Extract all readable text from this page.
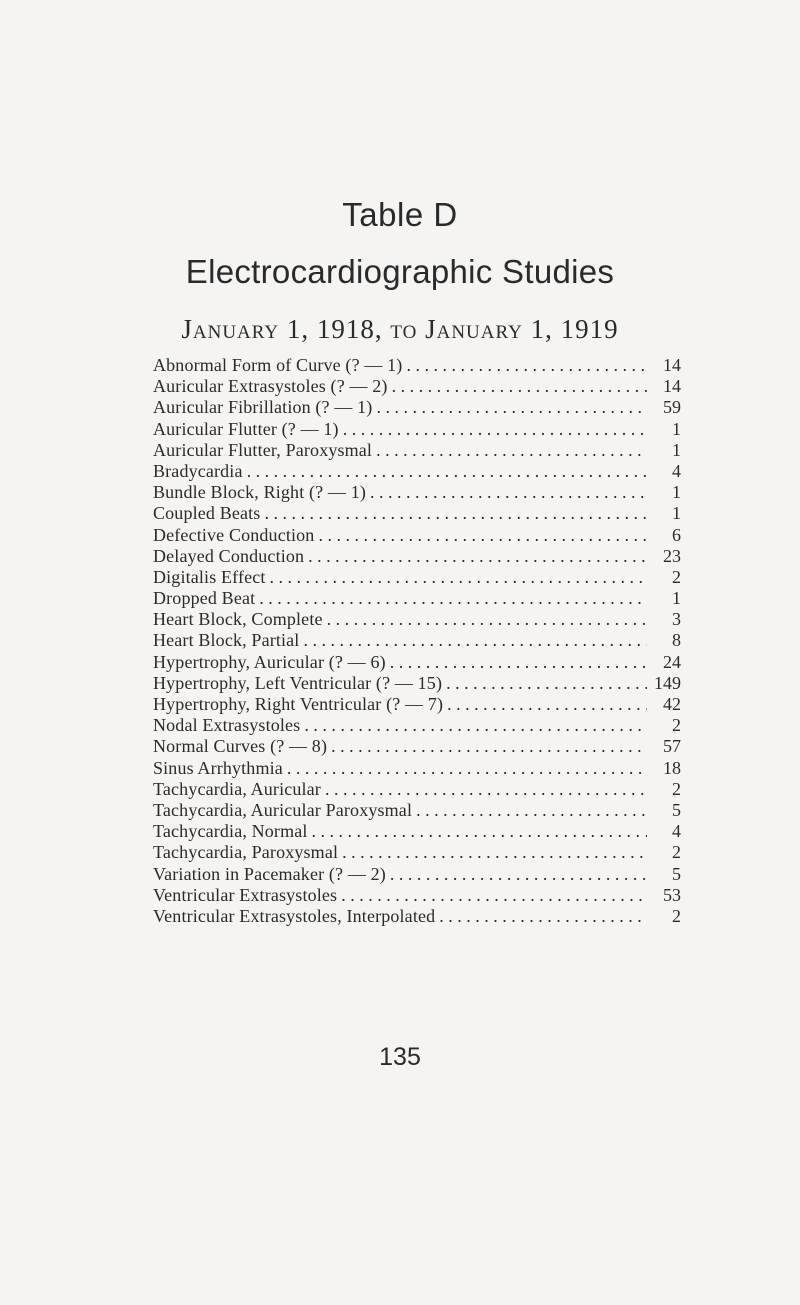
Table D
Electrocardiographic Studies

January 1, 1918, to January 1, 1919

Abnormal Form of Curve (? — 1) . . .	14
Auricular Extrasystoles (? — 2) . . .	14
Auricular Fibrillation (? — 1) . . .	59
Auricular Flutter (? — 1) . . .	1
Auricular Flutter, Paroxysmal . . .	1
Bradycardia . . .	4
Bundle Block, Right (? — 1) . . .	1
Coupled Beats . . .	1
Defective Conduction . . .	6
Delayed Conduction . . .	23
Digitalis Effect . . .	2
Dropped Beat . . .	1
Heart Block, Complete . . .	3
Heart Block, Partial . . .	8
Hypertrophy, Auricular (? — 6) . . .	24
Hypertrophy, Left Ventricular (? — 15) . . .	149
Hypertrophy, Right Ventricular (? — 7) . . .	42
Nodal Extrasystoles . . .	2
Normal Curves (? — 8) . . .	57
Sinus Arrhythmia . . .	18
Tachycardia, Auricular . . .	2
Tachycardia, Auricular Paroxysmal . . .	5
Tachycardia, Normal . . .	4
Tachycardia, Paroxysmal . . .	2
Variation in Pacemaker (? — 2) . . .	5
Ventricular Extrasystoles . . .	53
Ventricular Extrasystoles, Interpolated . . .	2

135
